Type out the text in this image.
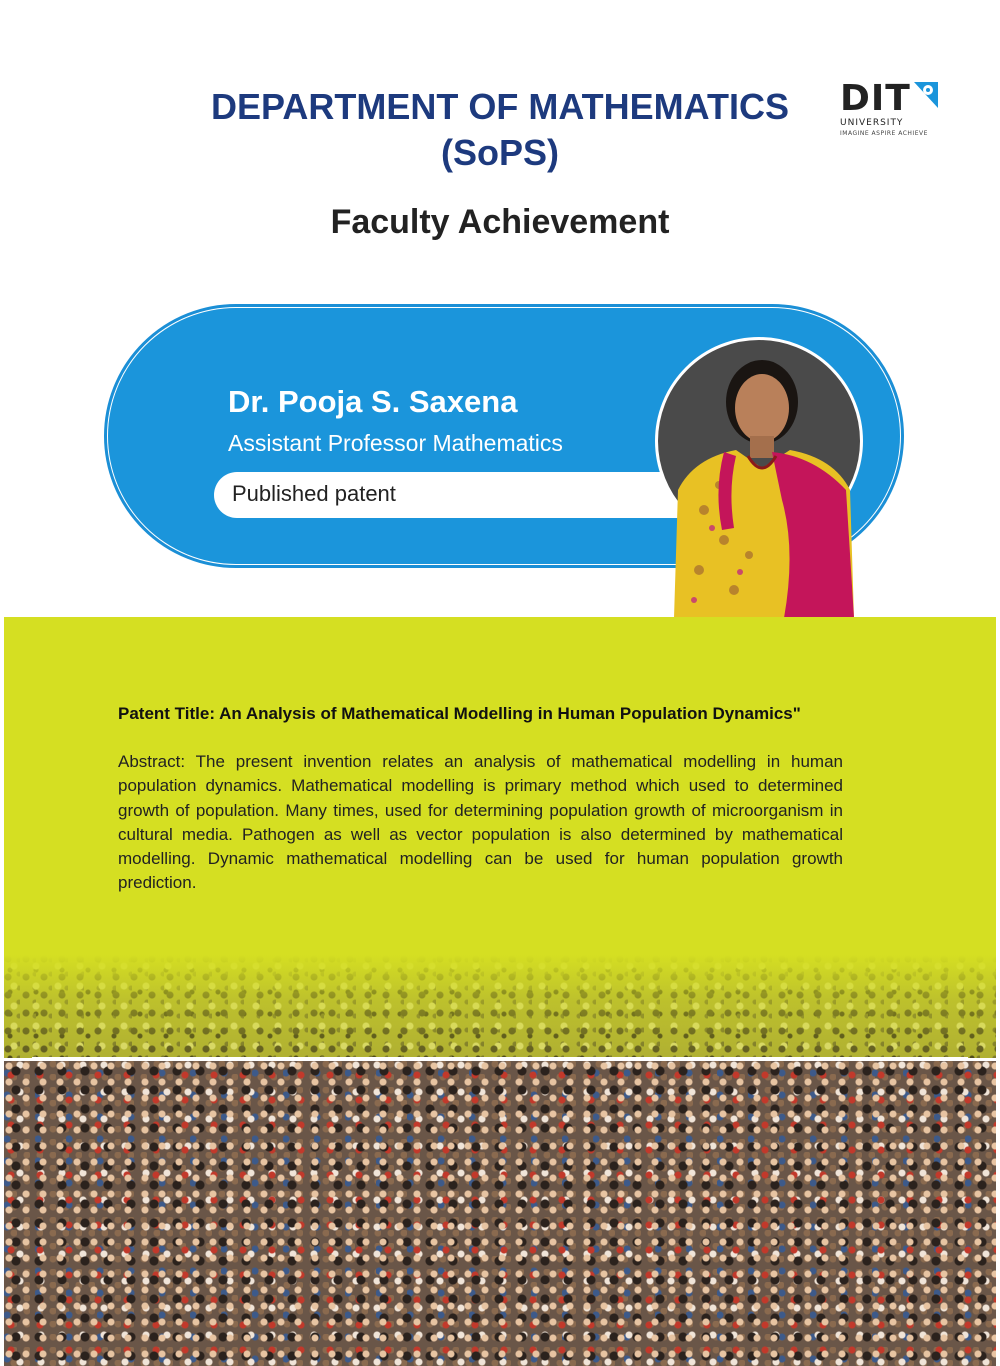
DEPARTMENT OF MATHEMATICS
(SoPS)
DIT
UNIVERSITY
IMAGINE ASPIRE ACHIEVE
Faculty Achievement
Dr. Pooja S. Saxena
Assistant Professor Mathematics
Published patent
Patent Title: An Analysis of Mathematical Modelling in Human Population Dynamics"
Abstract: The present invention relates an analysis of mathematical modelling in human population dynamics. Mathematical modelling is primary method which used to determined growth of population. Many times, used for determining population growth of microorganism in cultural media. Pathogen as well as vector population is also determined by mathematical modelling. Dynamic mathematical modelling can be used for human population growth prediction.
